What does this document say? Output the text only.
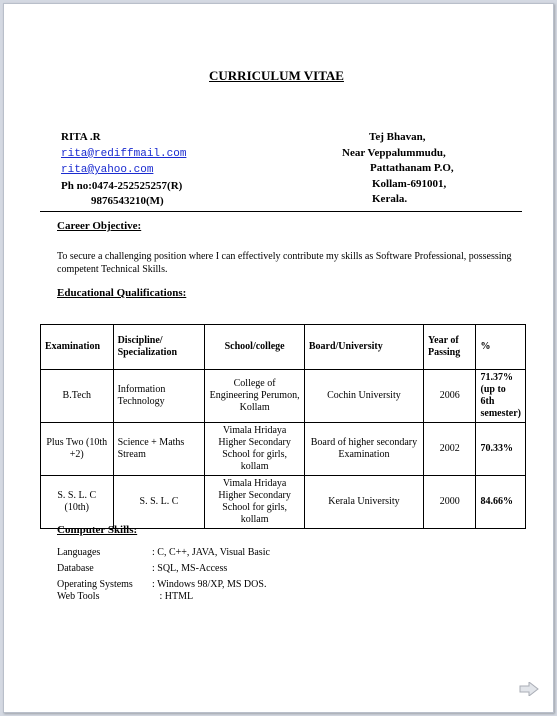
CURRICULUM VITAE
RITA .R
rita@rediffmail.com
rita@yahoo.com
Ph no:0474-252525257(R)
9876543210(M)
Tej Bhavan,
Near Veppalummudu,
Pattathanam P.O,
Kollam-691001,
Kerala.
Career Objective:
To secure a challenging position where I can effectively contribute my skills as Software Professional, possessing competent Technical Skills.
Educational Qualifications:
Examination	Discipline/ Specialization	School/college	Board/University	Year of Passing	%
B.Tech	Information Technology	College of Engineering Perumon, Kollam	Cochin University	2006	71.37%(up to 6th semester)
Plus Two (10th +2)	Science + Maths Stream	Vimala Hridaya Higher Secondary School for girls, kollam	Board of higher secondary Examination	2002	70.33%
S. S. L. C (10th)	S. S. L. C	Vimala Hridaya Higher Secondary School for girls, kollam	Kerala University	2000	84.66%
Computer Skills:
Languages	: C, C++, JAVA, Visual Basic
Database	: SQL, MS-Access
Operating Systems	: Windows 98/XP, MS DOS.
Web Tools	: HTML
